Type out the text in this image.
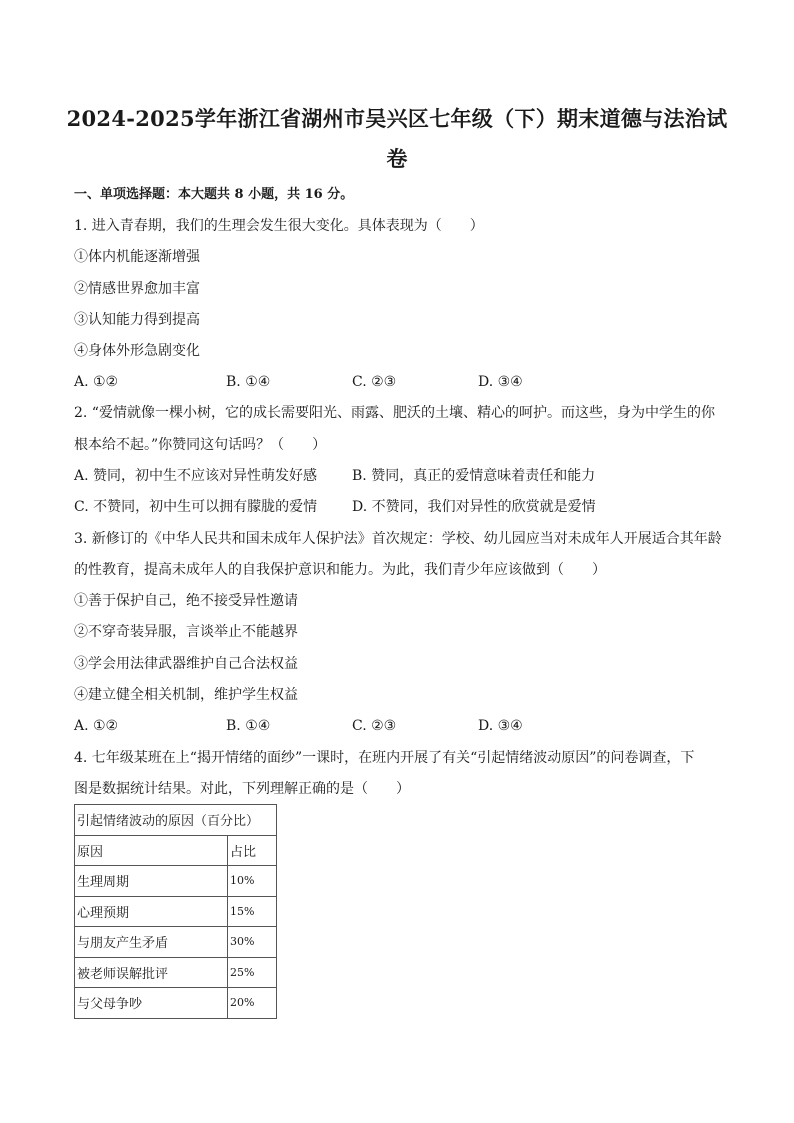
2024-2025学年浙江省湖州市吴兴区七年级（下）期末道德与法治试
卷
一、单项选择题：本大题共 8 小题，共 16 分。
1. 进入青春期，我们的生理会发生很大变化。具体表现为（　　）
①体内机能逐渐增强
②情感世界愈加丰富
③认知能力得到提高
④身体外形急剧变化
A. ①②	B. ①④	C. ②③	D. ③④
2. “爱情就像一棵小树，它的成长需要阳光、雨露、肥沃的土壤、精心的呵护。而这些，身为中学生的你
根本给不起。”你赞同这句话吗？（　　）
A. 赞同，初中生不应该对异性萌发好感 B. 赞同，真正的爱情意味着责任和能力
C. 不赞同，初中生可以拥有朦胧的爱情 D. 不赞同，我们对异性的欣赏就是爱情
3. 新修订的《中华人民共和国未成年人保护法》首次规定：学校、幼儿园应当对未成年人开展适合其年龄
的性教育，提高未成年人的自我保护意识和能力。为此，我们青少年应该做到（　　）
①善于保护自己，绝不接受异性邀请
②不穿奇装异服，言谈举止不能越界
③学会用法律武器维护自己合法权益
④建立健全相关机制，维护学生权益
A. ①②	B. ①④	C. ②③	D. ③④
4. 七年级某班在上“揭开情绪的面纱”一课时，在班内开展了有关“引起情绪波动原因”的问卷调查，下
图是数据统计结果。对此，下列理解正确的是（　　）
引起情绪波动的原因（百分比）	
原因	占比
生理周期	10%
心理预期	15%
与朋友产生矛盾	30%
被老师误解批评	25%
与父母争吵	20%
